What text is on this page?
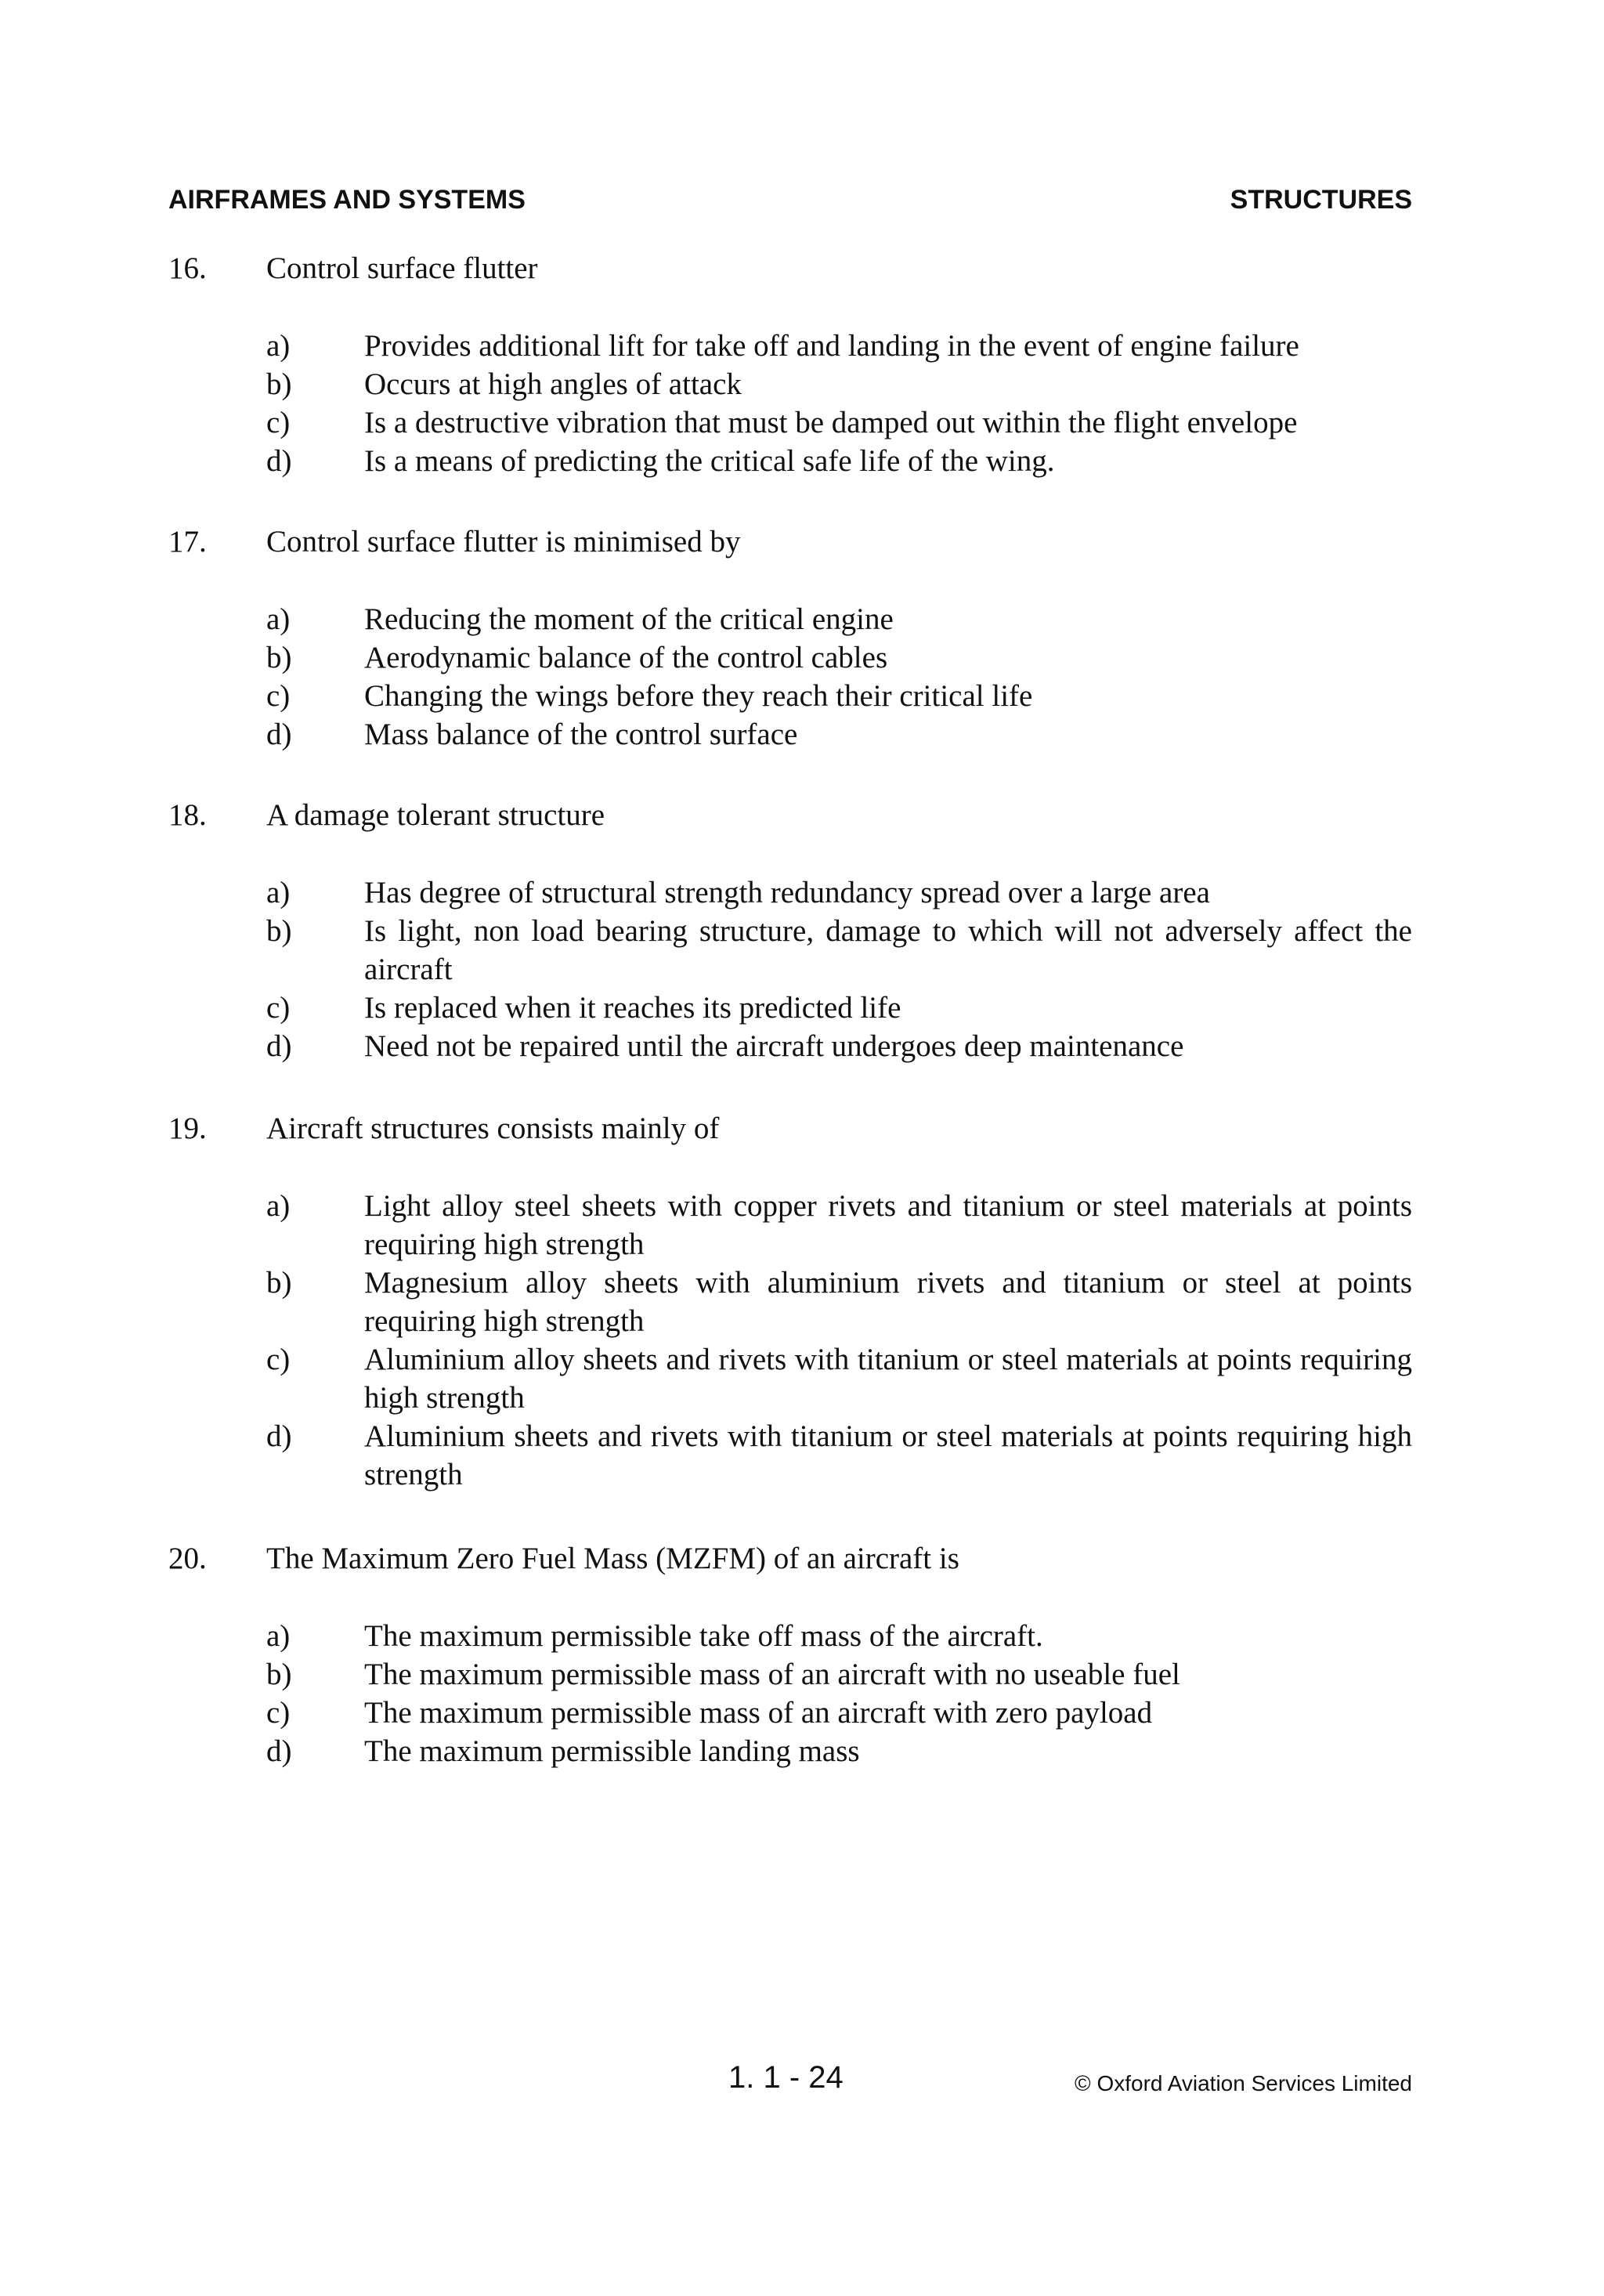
AIRFRAMES AND SYSTEMS	STRUCTURES
16.	Control surface flutter
a)	Provides additional lift for take off and landing in the event of engine failure
b)	Occurs at high angles of attack
c)	Is a destructive vibration that must be damped out within the flight envelope
d)	Is a means of predicting the critical safe life of the wing.
17.	Control surface flutter is minimised by
a)	Reducing the moment of the critical engine
b)	Aerodynamic balance of the control cables
c)	Changing the wings before they reach their critical life
d)	Mass balance of the control surface
18.	A damage tolerant structure
a)	Has degree of structural strength redundancy spread over a large area
b)	Is light, non load bearing structure, damage to which will not adversely affect the aircraft
c)	Is replaced when it reaches its predicted life
d)	Need not be repaired until the aircraft undergoes deep maintenance
19.	Aircraft structures consists mainly of
a)	Light alloy steel sheets with copper rivets and titanium or steel materials at points requiring high strength
b)	Magnesium alloy sheets with aluminium rivets and titanium or steel at points requiring high strength
c)	Aluminium alloy sheets and rivets with titanium or steel materials at points requiring high strength
d)	Aluminium sheets and rivets with titanium or steel materials at points requiring high strength
20.	The Maximum Zero Fuel Mass (MZFM) of an aircraft is
a)	The maximum permissible take off mass of the aircraft.
b)	The maximum permissible mass of an aircraft with no useable fuel
c)	The maximum permissible mass of an aircraft with zero payload
d)	The maximum permissible landing mass
1. 1 - 24	© Oxford Aviation Services Limited
